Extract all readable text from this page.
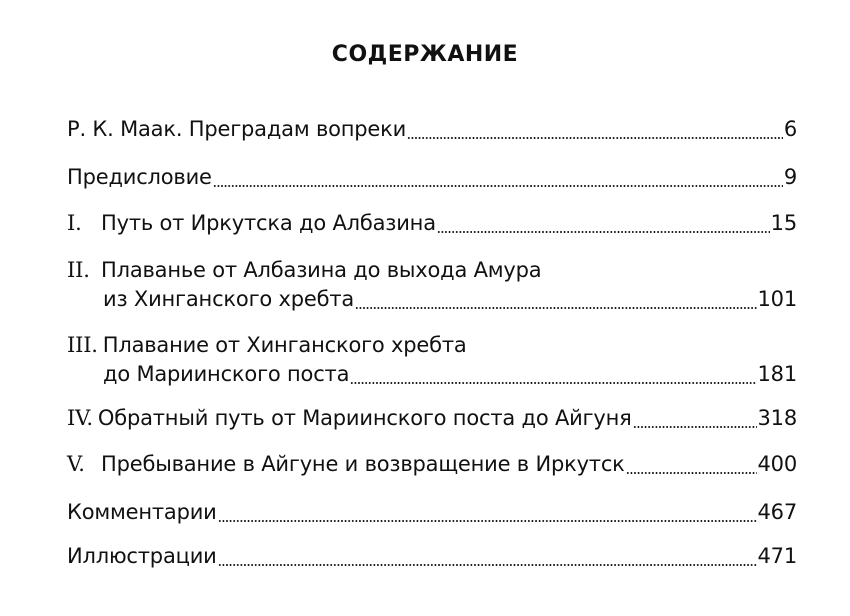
СОДЕРЖАНИЕ
Р. К. Маак. Преградам вопреки	6
Предисловие	9
I. Путь от Иркутска до Албазина	15
II. Плаванье от Албазина до выхода Амура
из Хинганского хребта	101
III. Плавание от Хинганского хребта
до Мариинского поста	181
IV. Обратный путь от Мариинского поста до Айгуня	318
V. Пребывание в Айгуне и возвращение в Иркутск	400
Комментарии	467
Иллюстрации	471
